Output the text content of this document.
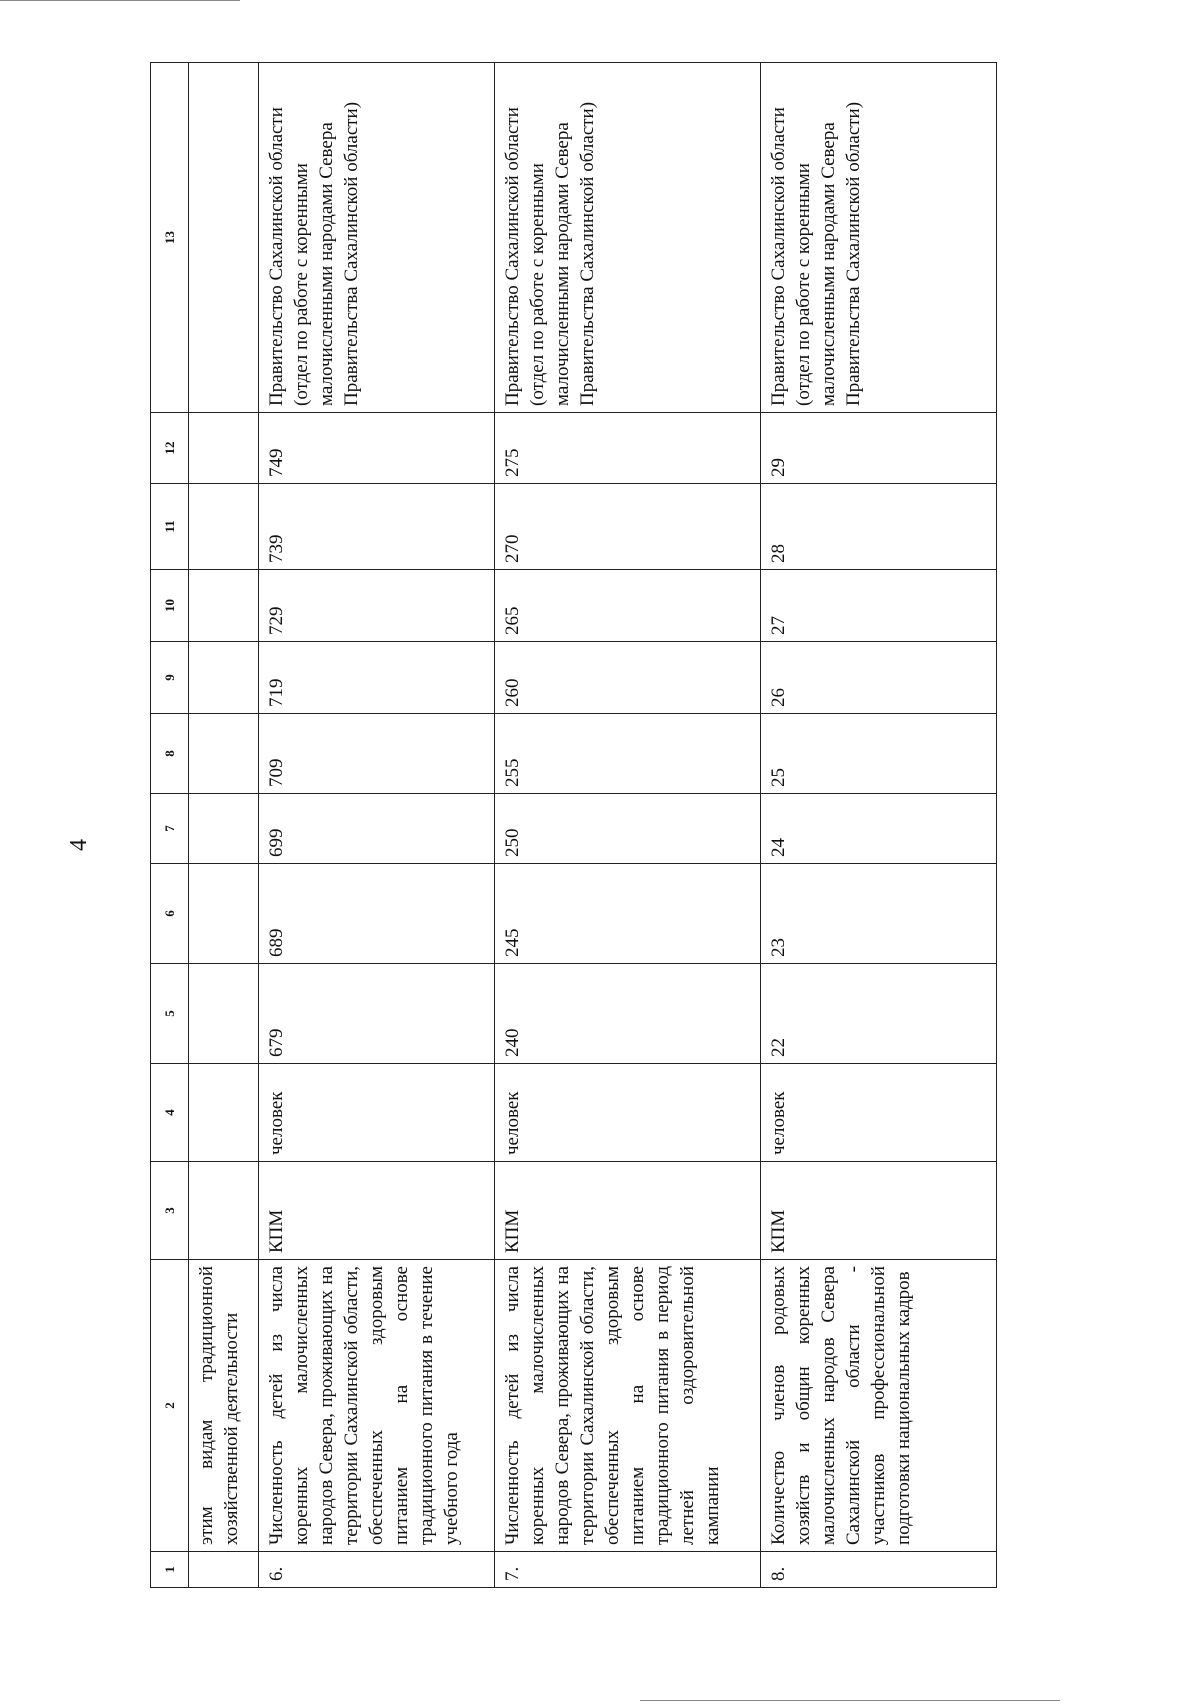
4
1	2	3	4	5	6	7	8	9	10	11	12	13
	этим видам традиционной хозяйственной деятельности											
6.	Численность детей из числа коренных малочисленных народов Севера, проживающих на территории Сахалинской области, обеспеченных здоровым питанием на основе традиционного питания в течение учебного года	КПМ	человек	679	689	699	709	719	729	739	749	Правительство Сахалинской области (отдел по работе с коренными малочисленными народами Севера Правительства Сахалинской области)
7.	Численность детей из числа коренных малочисленных народов Севера, проживающих на территории Сахалинской области, обеспеченных здоровым питанием на основе традиционного питания в период летней оздоровительной кампании	КПМ	человек	240	245	250	255	260	265	270	275	Правительство Сахалинской области (отдел по работе с коренными малочисленными народами Севера Правительства Сахалинской области)
8.	Количество членов родовых хозяйств и общин коренных малочисленных народов Севера Сахалинской области - участников профессиональной подготовки национальных кадров	КПМ	человек	22	23	24	25	26	27	28	29	Правительство Сахалинской области (отдел по работе с коренными малочисленными народами Севера Правительства Сахалинской области)
